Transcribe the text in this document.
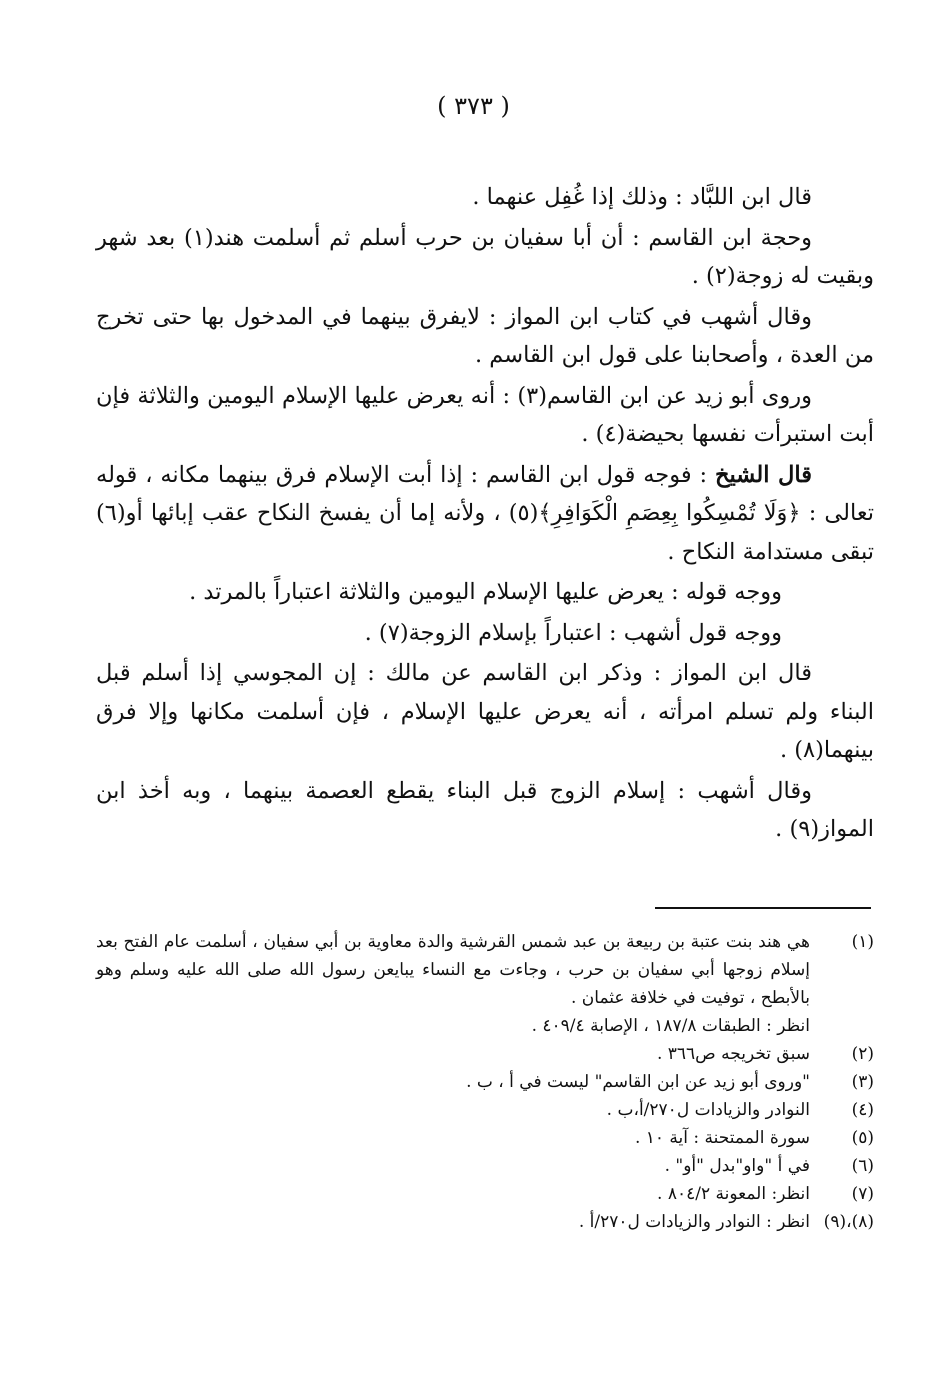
( ٣٧٣ )

قال ابن اللبَّاد : وذلك إذا غُفِل عنهما .

وحجة ابن القاسم : أن أبا سفيان بن حرب أسلم ثم أسلمت هند(١) بعد شهر وبقيت له زوجة(٢) .

وقال أشهب في كتاب ابن المواز : لايفرق بينهما في المدخول بها حتى تخرج من العدة ، وأصحابنا على قول ابن القاسم .

وروى أبو زيد عن ابن القاسم(٣) : أنه يعرض عليها الإسلام اليومين والثلاثة فإن أبت استبرأت نفسها بحيضة(٤) .

قال الشيخ : فوجه قول ابن القاسم : إذا أبت الإسلام فرق بينهما مكانه ، قوله تعالى : ﴿وَلَا تُمْسِكُوا بِعِصَمِ الْكَوَافِرِ﴾(٥) ، ولأنه إما أن يفسخ النكاح عقب إبائها أو(٦) تبقى مستدامة النكاح .

ووجه قوله : يعرض عليها الإسلام اليومين والثلاثة اعتباراً بالمرتد .

ووجه قول أشهب : اعتباراً بإسلام الزوجة(٧) .

قال ابن المواز : وذكر ابن القاسم عن مالك : إن المجوسي إذا أسلم قبل البناء ولم تسلم امرأته ، أنه يعرض عليها الإسلام ، فإن أسلمت مكانها وإلا فرق بينهما(٨) .

وقال أشهب : إسلام الزوج قبل البناء يقطع العصمة بينهما ، وبه أخذ ابن المواز(٩) .

(١)
هي هند بنت عتبة بن ربيعة بن عبد شمس القرشية والدة معاوية بن أبي سفيان ، أسلمت عام الفتح بعد إسلام زوجها أبي سفيان بن حرب ، وجاءت مع النساء يبايعن رسول الله صلى الله عليه وسلم وهو بالأبطح ، توفيت في خلافة عثمان .
انظر : الطبقات ١٨٧/٨ ، الإصابة ٤٠٩/٤ .
(٢)
سبق تخريجه ص٣٦٦ .
(٣)
"وروى أبو زيد عن ابن القاسم" ليست في أ ، ب .
(٤)
النوادر والزيادات ل٢٧٠/أ،ب .
(٥)
سورة الممتحنة : آية ١٠ .
(٦)
في أ "واو"بدل "أو" .
(٧)
انظر: المعونة ٨٠٤/٢ .
(٨)،(٩)
انظر : النوادر والزيادات ل٢٧٠/أ .
